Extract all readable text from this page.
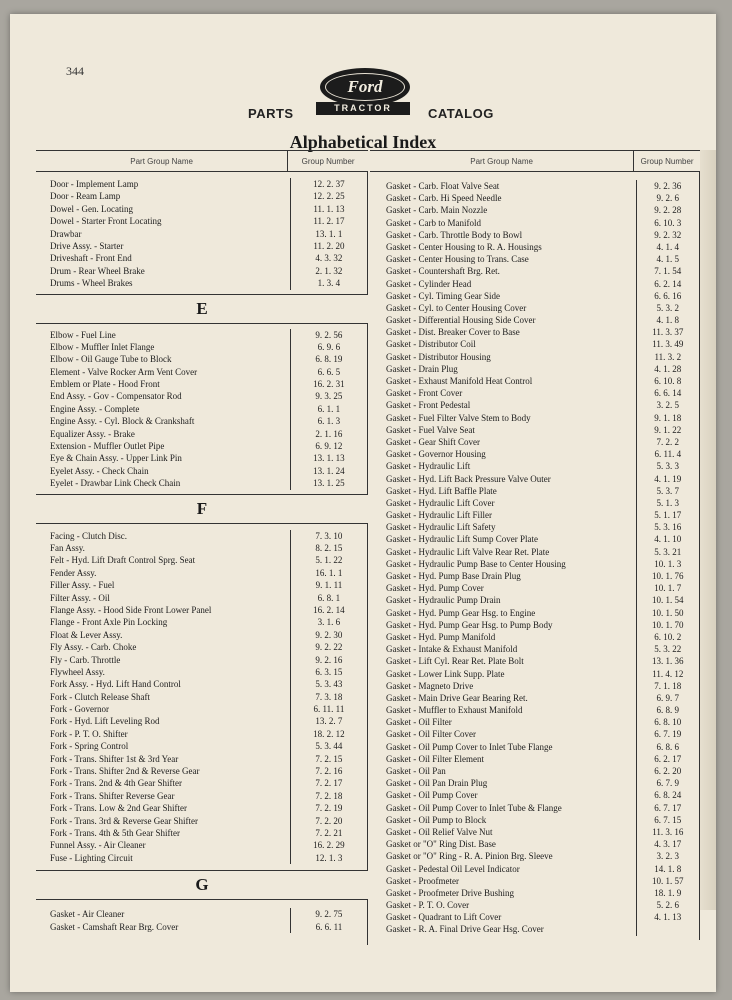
344
PARTS
Ford
TRACTOR	CATALOG
Alphabetical Index
Part Group Name	Group Number
Door - Implement Lamp	12. 2. 37
Door - Ream Lamp	12. 2. 25
Dowel - Gen. Locating	11. 1. 13
Dowel - Starter Front Locating	11. 2. 17
Drawbar	13. 1. 1
Drive Assy. - Starter	11. 2. 20
Driveshaft - Front End	4. 3. 32
Drum - Rear Wheel Brake	2. 1. 32
Drums - Wheel Brakes	1. 3. 4
E
Elbow - Fuel Line	9. 2. 56
Elbow - Muffler Inlet Flange	6. 9. 6
Elbow - Oil Gauge Tube to Block	6. 8. 19
Element - Valve Rocker Arm Vent Cover	6. 6. 5
Emblem or Plate - Hood Front	16. 2. 31
End Assy. - Gov - Compensator Rod	9. 3. 25
Engine Assy. - Complete	6. 1. 1
Engine Assy. - Cyl. Block & Crankshaft	6. 1. 3
Equalizer Assy. - Brake	2. 1. 16
Extension - Muffler Outlet Pipe	6. 9. 12
Eye & Chain Assy. - Upper Link Pin	13. 1. 13
Eyelet Assy. - Check Chain	13. 1. 24
Eyelet - Drawbar Link Check Chain	13. 1. 25
F
Facing - Clutch Disc.	7. 3. 10
Fan Assy.	8. 2. 15
Felt - Hyd. Lift Draft Control Sprg. Seat	5. 1. 22
Fender Assy.	16. 1. 1
Filler Assy. - Fuel	9. 1. 11
Filter Assy. - Oil	6. 8. 1
Flange Assy. - Hood Side Front Lower Panel	16. 2. 14
Flange - Front Axle Pin Locking	3. 1. 6
Float & Lever Assy.	9. 2. 30
Fly Assy. - Carb. Choke	9. 2. 22
Fly - Carb. Throttle	9. 2. 16
Flywheel Assy.	6. 3. 15
Fork Assy. - Hyd. Lift Hand Control	5. 3. 43
Fork - Clutch Release Shaft	7. 3. 18
Fork - Governor	6. 11. 11
Fork - Hyd. Lift Leveling Rod	13. 2. 7
Fork - P. T. O. Shifter	18. 2. 12
Fork - Spring Control	5. 3. 44
Fork - Trans. Shifter 1st & 3rd Year	7. 2. 15
Fork - Trans. Shifter 2nd & Reverse Gear	7. 2. 16
Fork - Trans. 2nd & 4th Gear Shifter	7. 2. 17
Fork - Trans. Shifter Reverse Gear	7. 2. 18
Fork - Trans. Low & 2nd Gear Shifter	7. 2. 19
Fork - Trans. 3rd & Reverse Gear Shifter	7. 2. 20
Fork - Trans. 4th & 5th Gear Shifter	7. 2. 21
Funnel Assy. - Air Cleaner	16. 2. 29
Fuse - Lighting Circuit	12. 1. 3
G
Gasket - Air Cleaner	9. 2. 75
Gasket - Camshaft Rear Brg. Cover	6. 6. 11
Part Group Name	Group Number
Gasket - Carb. Float Valve Seat	9. 2. 36
Gasket - Carb. Hi Speed Needle	9. 2. 6
Gasket - Carb. Main Nozzle	9. 2. 28
Gasket - Carb to Manifold	6. 10. 3
Gasket - Carb. Throttle Body to Bowl	9. 2. 32
Gasket - Center Housing to R. A. Housings	4. 1. 4
Gasket - Center Housing to Trans. Case	4. 1. 5
Gasket - Countershaft Brg. Ret.	7. 1. 54
Gasket - Cylinder Head	6. 2. 14
Gasket - Cyl. Timing Gear Side	6. 6. 16
Gasket - Cyl. to Center Housing Cover	5. 3. 2
Gasket - Differential Housing Side Cover	4. 1. 8
Gasket - Dist. Breaker Cover to Base	11. 3. 37
Gasket - Distributor Coil	11. 3. 49
Gasket - Distributor Housing	11. 3. 2
Gasket - Drain Plug	4. 1. 28
Gasket - Exhaust Manifold Heat Control	6. 10. 8
Gasket - Front Cover	6. 6. 14
Gasket - Front Pedestal	3. 2. 5
Gasket - Fuel Filter Valve Stem to Body	9. 1. 18
Gasket - Fuel Valve Seat	9. 1. 22
Gasket - Gear Shift Cover	7. 2. 2
Gasket - Governor Housing	6. 11. 4
Gasket - Hydraulic Lift	5. 3. 3
Gasket - Hyd. Lift Back Pressure Valve Outer	4. 1. 19
Gasket - Hyd. Lift Baffle Plate	5. 3. 7
Gasket - Hydraulic Lift Cover	5. 1. 3
Gasket - Hydraulic Lift Filler	5. 1. 17
Gasket - Hydraulic Lift Safety	5. 3. 16
Gasket - Hydraulic Lift Sump Cover Plate	4. 1. 10
Gasket - Hydraulic Lift Valve Rear Ret. Plate	5. 3. 21
Gasket - Hydraulic Pump Base to Center Housing	10. 1. 3
Gasket - Hyd. Pump Base Drain Plug	10. 1. 76
Gasket - Hyd. Pump Cover	10. 1. 7
Gasket - Hydraulic Pump Drain	10. 1. 54
Gasket - Hyd. Pump Gear Hsg. to Engine	10. 1. 50
Gasket - Hyd. Pump Gear Hsg. to Pump Body	10. 1. 70
Gasket - Hyd. Pump Manifold	6. 10. 2
Gasket - Intake & Exhaust Manifold	5. 3. 22
Gasket - Lift Cyl. Rear Ret. Plate Bolt	13. 1. 36
Gasket - Lower Link Supp. Plate	11. 4. 12
Gasket - Magneto Drive	7. 1. 18
Gasket - Main Drive Gear Bearing Ret.	6. 9. 7
Gasket - Muffler to Exhaust Manifold	6. 8. 9
Gasket - Oil Filter	6. 8. 10
Gasket - Oil Filter Cover	6. 7. 19
Gasket - Oil Pump Cover to Inlet Tube Flange	6. 8. 6
Gasket - Oil Filter Element	6. 2. 17
Gasket - Oil Pan	6. 2. 20
Gasket - Oil Pan Drain Plug	6. 7. 9
Gasket - Oil Pump Cover	6. 8. 24
Gasket - Oil Pump Cover to Inlet Tube & Flange	6. 7. 17
Gasket - Oil Pump to Block	6. 7. 15
Gasket - Oil Relief Valve Nut	11. 3. 16
Gasket or "O" Ring Dist. Base	4. 3. 17
Gasket or "O" Ring - R. A. Pinion Brg. Sleeve	3. 2. 3
Gasket - Pedestal Oil Level Indicator	14. 1. 8
Gasket - Proofmeter	10. 1. 57
Gasket - Proofmeter Drive Bushing	18. 1. 9
Gasket - P. T. O. Cover	5. 2. 6
Gasket - Quadrant to Lift Cover	4. 1. 13
Gasket - R. A. Final Drive Gear Hsg. Cover
